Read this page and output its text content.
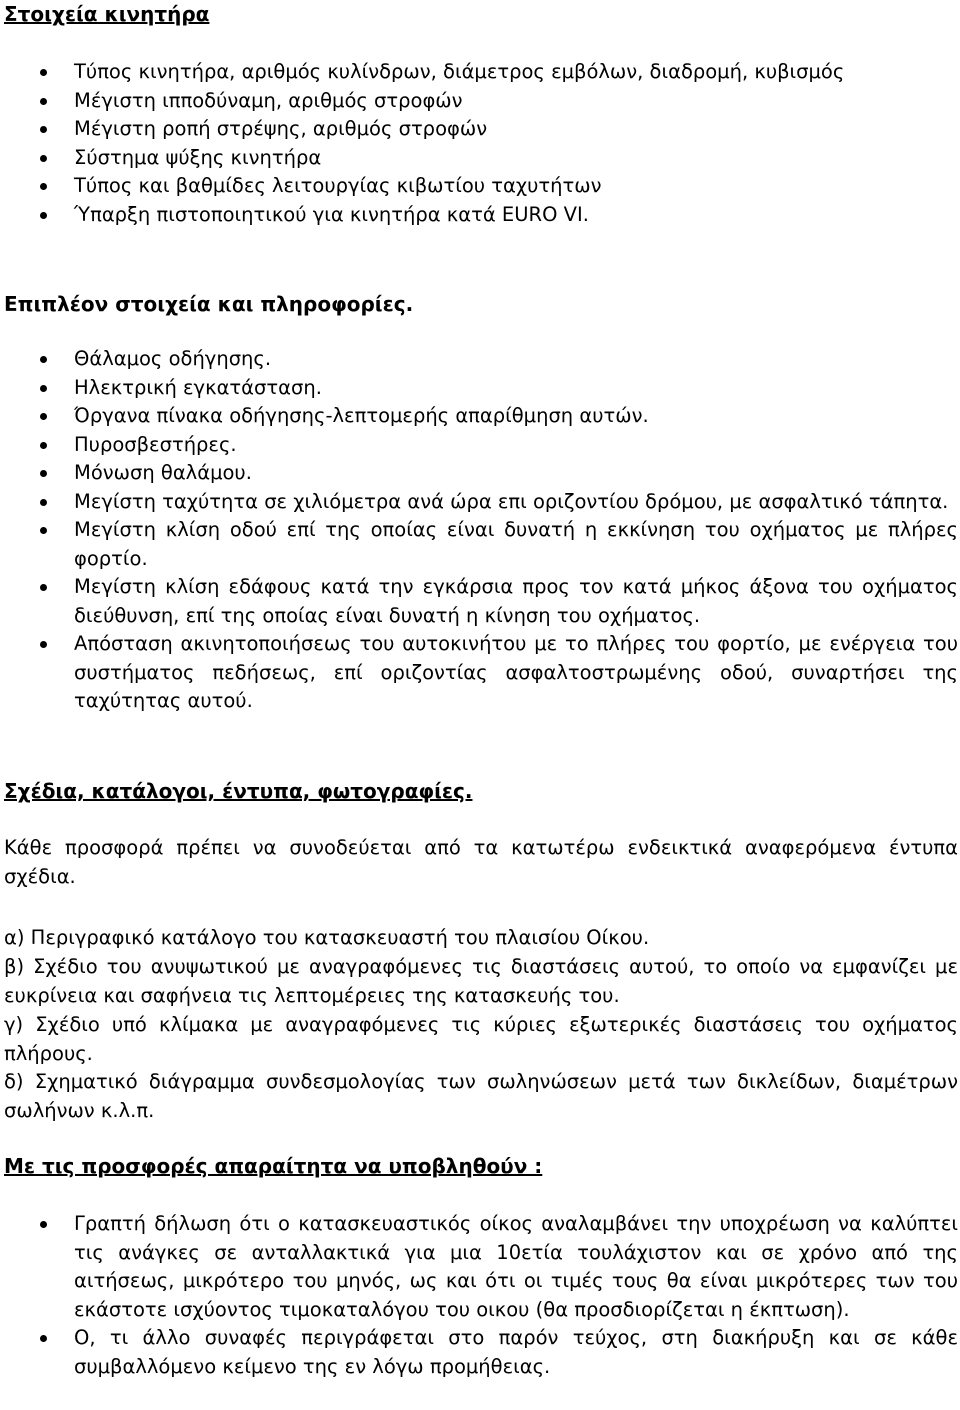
Στοιχεία κινητήρα
Τύπος κινητήρα, αριθμός κυλίνδρων, διάμετρος εμβόλων, διαδρομή, κυβισμός
Μέγιστη ιπποδύναμη, αριθμός στροφών
Μέγιστη ροπή στρέψης, αριθμός στροφών
Σύστημα ψύξης κινητήρα
Τύπος και βαθμίδες λειτουργίας κιβωτίου ταχυτήτων
Ύπαρξη πιστοποιητικού για κινητήρα κατά EURO VI.
Επιπλέον στοιχεία και πληροφορίες.
Θάλαμος οδήγησης.
Ηλεκτρική εγκατάσταση.
Όργανα πίνακα οδήγησης-λεπτομερής απαρίθμηση αυτών.
Πυροσβεστήρες.
Μόνωση θαλάμου.
Μεγίστη ταχύτητα σε χιλιόμετρα ανά ώρα επι οριζοντίου δρόμου, με ασφαλτικό τάπητα.
Μεγίστη κλίση οδού επί της οποίας είναι δυνατή η εκκίνηση του οχήματος με πλήρες φορτίο.
Μεγίστη κλίση εδάφους κατά την εγκάρσια προς τον κατά μήκος άξονα του οχήματος διεύθυνση, επί της οποίας είναι δυνατή η κίνηση του οχήματος.
Απόσταση ακινητοποιήσεως του αυτοκινήτου με το πλήρες του φορτίο, με ενέργεια του συστήματος πεδήσεως, επί οριζοντίας ασφαλτοστρωμένης οδού, συναρτήσει της ταχύτητας αυτού.
Σχέδια, κατάλογοι, έντυπα, φωτογραφίες.

Κάθε προσφορά πρέπει να συνοδεύεται από τα κατωτέρω ενδεικτικά αναφερόμενα έντυπα σχέδια.

α) Περιγραφικό κατάλογο του κατασκευαστή του πλαισίου Οίκου.

β) Σχέδιο του ανυψωτικού με αναγραφόμενες τις διαστάσεις αυτού, το οποίο να εμφανίζει με ευκρίνεια και σαφήνεια τις λεπτομέρειες της κατασκευής του.

γ) Σχέδιο υπό κλίμακα με αναγραφόμενες τις κύριες εξωτερικές διαστάσεις του οχήματος πλήρους.

δ) Σχηματικό διάγραμμα συνδεσμολογίας των σωληνώσεων μετά των δικλείδων, διαμέτρων σωλήνων κ.λ.π.

Με τις προσφορές απαραίτητα να υποβληθούν :
Γραπτή δήλωση ότι ο κατασκευαστικός οίκος αναλαμβάνει την υποχρέωση να καλύπτει τις ανάγκες σε ανταλλακτικά για μια 10ετία τουλάχιστον και σε χρόνο από της αιτήσεως, μικρότερο του μηνός, ως και ότι οι τιμές τους θα είναι μικρότερες των του εκάστοτε ισχύοντος τιμοκαταλόγου του οικου (θα προσδιορίζεται η έκπτωση).
Ο, τι άλλο συναφές περιγράφεται στο παρόν τεύχος, στη διακήρυξη και σε κάθε συμβαλλόμενο κείμενο της εν λόγω προμήθειας.
